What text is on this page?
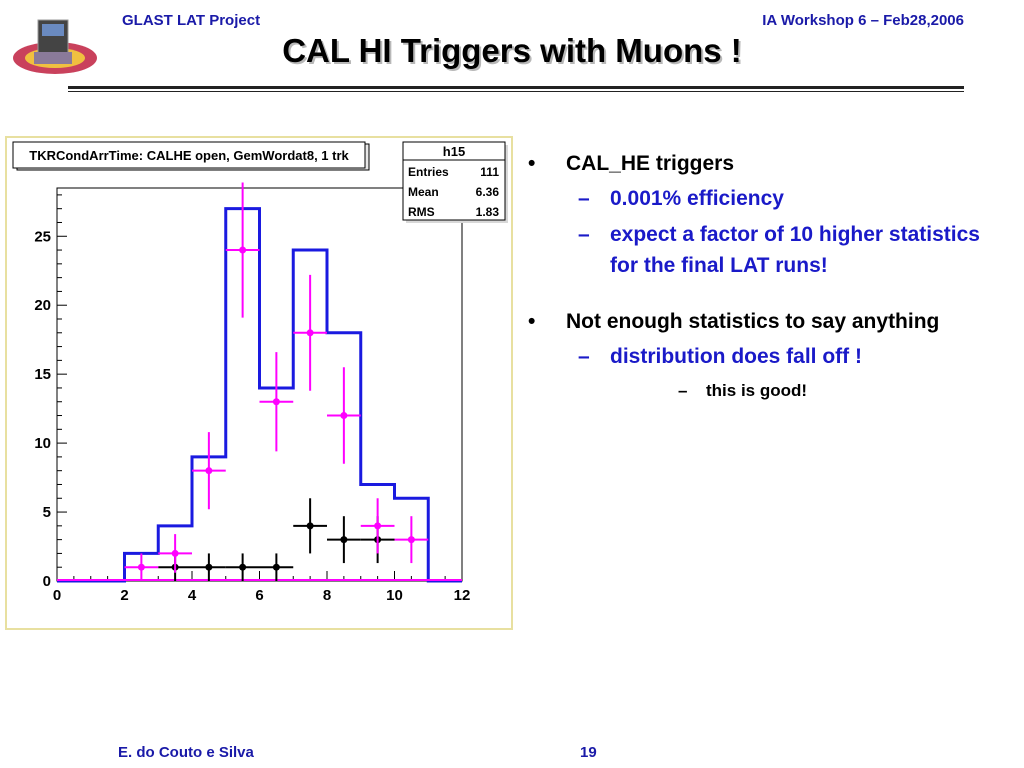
GLAST LAT Project	IA Workshop 6 – Feb28,2006
CAL HI Triggers with Muons !
0
5
10
15
20
25
0	2	4	6	8	10	12
TKRCondArrTime: CALHE open, GemWordat8, 1 trk	h15
Entries	111
Mean	6.36
RMS	1.83
• CAL_HE triggers
– 0.001% efficiency
– expect a factor of 10 higher statistics for the final LAT runs!
• Not enough statistics to say anything
– distribution does fall off !
– this is good!
E. do Couto e Silva	19
